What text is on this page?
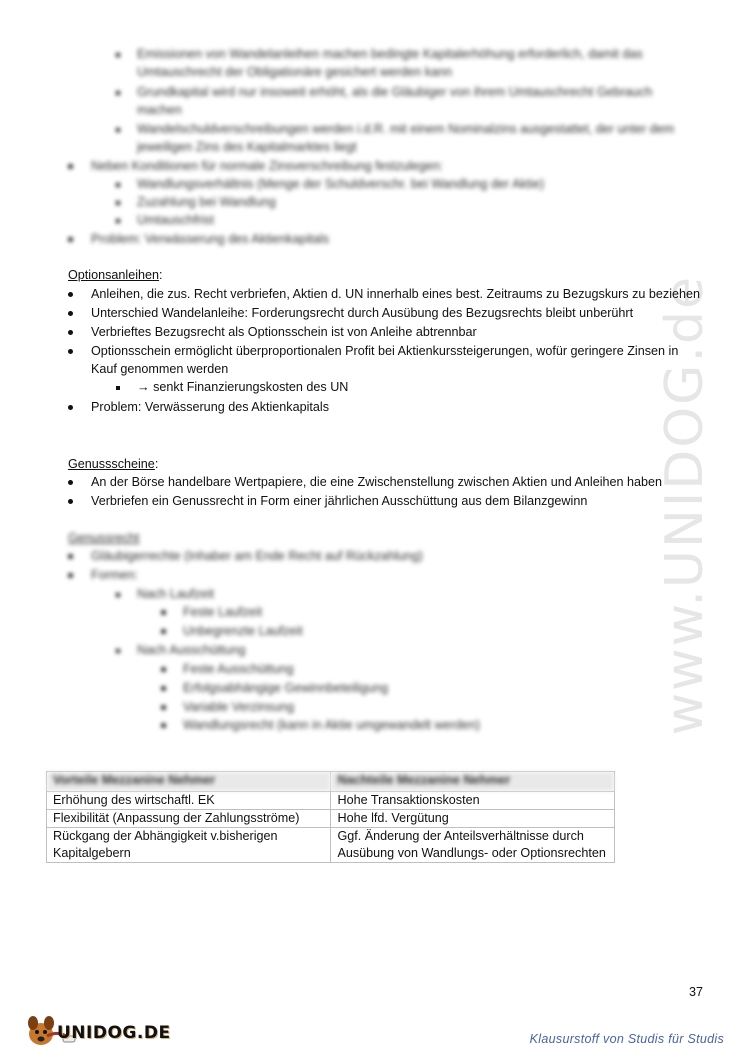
www.UNIDOG.de
Emissionen von Wandelanleihen machen bedingte Kapitalerhöhung erforderlich, damit das
Umtauschrecht der Obligationäre gesichert werden kann
Grundkapital wird nur insoweit erhöht, als die Gläubiger von ihrem Umtauschrecht Gebrauch
machen
Wandelschuldverschreibungen werden i.d.R. mit einem Nominalzins ausgestattet, der unter dem
jeweiligen Zins des Kapitalmarktes liegt
Neben Konditionen für normale Zinsverschreibung festzulegen:
Wandlungsverhältnis (Menge der Schuldverschr. bei Wandlung der Aktie)
Zuzahlung bei Wandlung
Umtauschfrist
Problem: Verwässerung des Aktienkapitals
Optionsanleihen:
Anleihen, die zus. Recht verbriefen, Aktien d. UN innerhalb eines best. Zeitraums zu Bezugskurs zu beziehen
Unterschied Wandelanleihe: Forderungsrecht durch Ausübung des Bezugsrechts bleibt unberührt
Verbrieftes Bezugsrecht als Optionsschein ist von Anleihe abtrennbar
Optionsschein ermöglicht überproportionalen Profit bei Aktienkurssteigerungen, wofür geringere Zinsen in
Kauf genommen werden
→ senkt Finanzierungskosten des UN
Problem: Verwässerung des Aktienkapitals
Genussscheine:
An der Börse handelbare Wertpapiere, die eine Zwischenstellung zwischen Aktien und Anleihen haben
Verbriefen ein Genussrecht in Form einer jährlichen Ausschüttung aus dem Bilanzgewinn
Genussrecht
Gläubigerrechte (Inhaber am Ende Recht auf Rückzahlung)
Formen:
Nach Laufzeit
Feste Laufzeit
Unbegrenzte Laufzeit
Nach Ausschüttung
Feste Ausschüttung
Erfolgsabhängige Gewinnbeteiligung
Variable Verzinsung
Wandlungsrecht (kann in Aktie umgewandelt werden)
Vorteile Mezzanine Nehmer	Nachteile Mezzanine Nehmer
Erhöhung des wirtschaftl. EK	Hohe Transaktionskosten
Flexibilität (Anpassung der Zahlungsströme)	Hohe lfd. Vergütung
Rückgang der Abhängigkeit v.bisherigen Kapitalgebern	Ggf. Änderung der Anteilsverhältnisse durch Ausübung von Wandlungs- oder Optionsrechten
37
UNIDOG.DE	Klausurstoff von Studis für Studis
